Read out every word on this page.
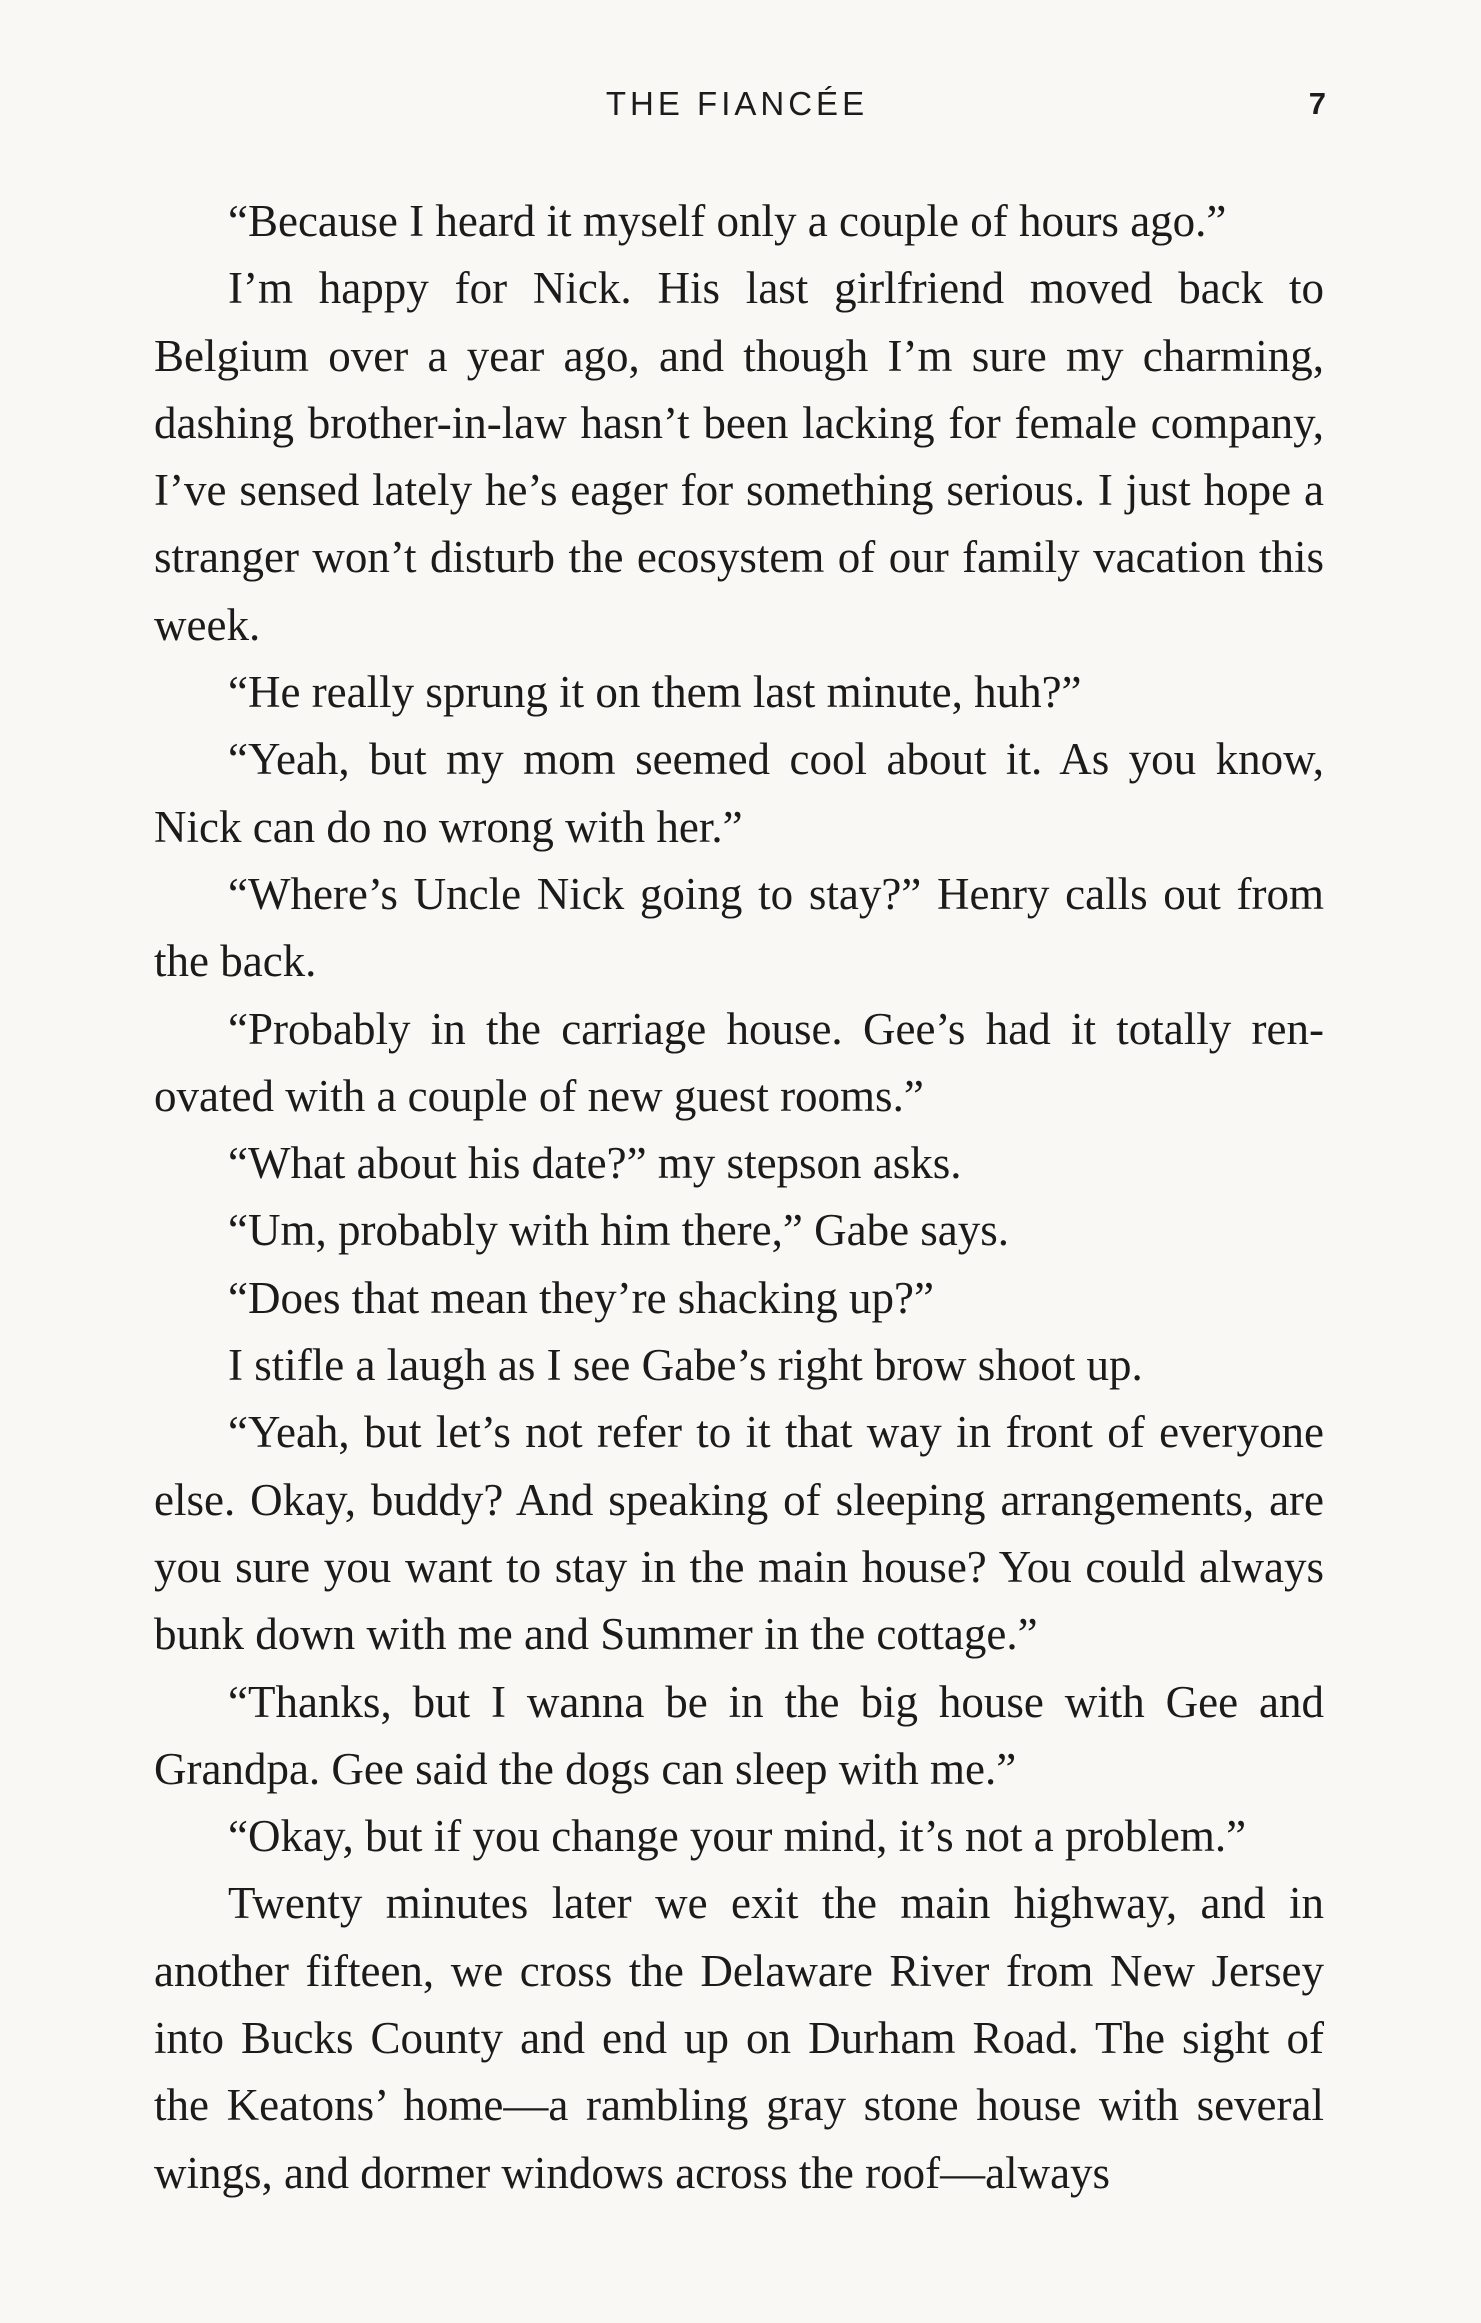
THE FIANCÉE	7

“Because I heard it myself only a couple of hours ago.”

I’m happy for Nick. His last girlfriend moved back to Belgium over a year ago, and though I’m sure my charming, dashing brother-in-law hasn’t been lacking for female company, I’ve sensed lately he’s eager for something serious. I just hope a stranger won’t disturb the ecosystem of our family vacation this week.

“He really sprung it on them last minute, huh?”

“Yeah, but my mom seemed cool about it. As you know, Nick can do no wrong with her.”

“Where’s Uncle Nick going to stay?” Henry calls out from the back.

“Probably in the carriage house. Gee’s had it totally renovated with a couple of new guest rooms.”

“What about his date?” my stepson asks.

“Um, probably with him there,” Gabe says.

“Does that mean they’re shacking up?”

I stifle a laugh as I see Gabe’s right brow shoot up.

“Yeah, but let’s not refer to it that way in front of everyone else. Okay, buddy? And speaking of sleeping arrangements, are you sure you want to stay in the main house? You could always bunk down with me and Summer in the cottage.”

“Thanks, but I wanna be in the big house with Gee and Grandpa. Gee said the dogs can sleep with me.”

“Okay, but if you change your mind, it’s not a problem.”

Twenty minutes later we exit the main highway, and in another fifteen, we cross the Delaware River from New Jersey into Bucks County and end up on Durham Road. The sight of the Keatons’ home—a rambling gray stone house with several wings, and dormer windows across the roof—always
